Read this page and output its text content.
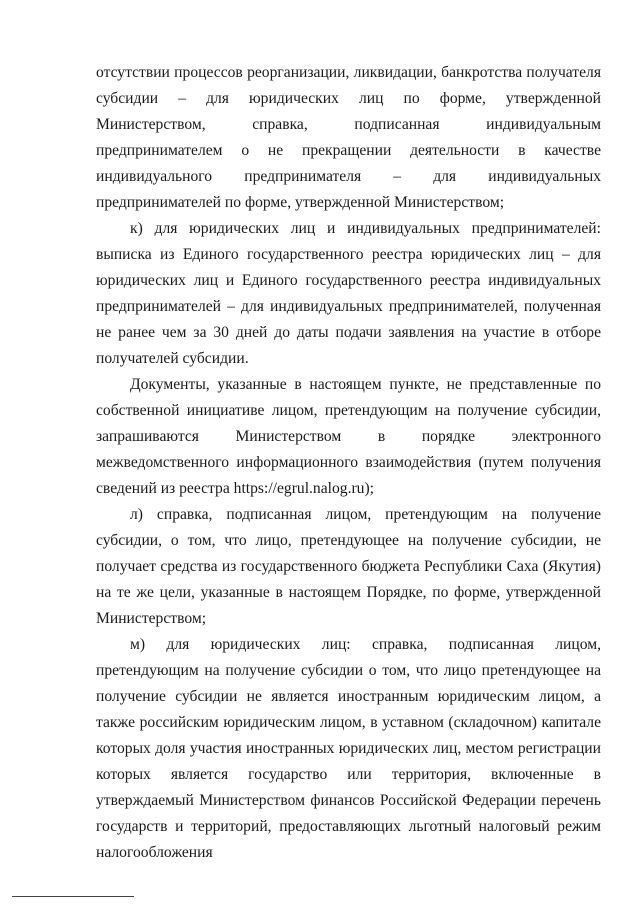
отсутствии процессов реорганизации, ликвидации, банкротства получателя субсидии – для юридических лиц по форме, утвержденной Министерством, справка, подписанная индивидуальным предпринимателем о не прекращении деятельности в качестве индивидуального предпринимателя – для индивидуальных предпринимателей по форме, утвержденной Министерством;

к) для юридических лиц и индивидуальных предпринимателей: выписка из Единого государственного реестра юридических лиц – для юридических лиц и Единого государственного реестра индивидуальных предпринимателей – для индивидуальных предпринимателей, полученная не ранее чем за 30 дней до даты подачи заявления на участие в отборе получателей субсидии.

Документы, указанные в настоящем пункте, не представленные по собственной инициативе лицом, претендующим на получение субсидии, запрашиваются Министерством в порядке электронного межведомственного информационного взаимодействия (путем получения сведений из реестра https://egrul.nalog.ru);

л) справка, подписанная лицом, претендующим на получение субсидии, о том, что лицо, претендующее на получение субсидии, не получает средства из государственного бюджета Республики Саха (Якутия) на те же цели, указанные в настоящем Порядке, по форме, утвержденной Министерством;

м) для юридических лиц: справка, подписанная лицом, претендующим на получение субсидии о том, что лицо претендующее на получение субсидии не является иностранным юридическим лицом, а также российским юридическим лицом, в уставном (складочном) капитале которых доля участия иностранных юридических лиц, местом регистрации которых является государство или территория, включенные в утверждаемый Министерством финансов Российской Федерации перечень государств и территорий, предоставляющих льготный налоговый режим налогообложения
